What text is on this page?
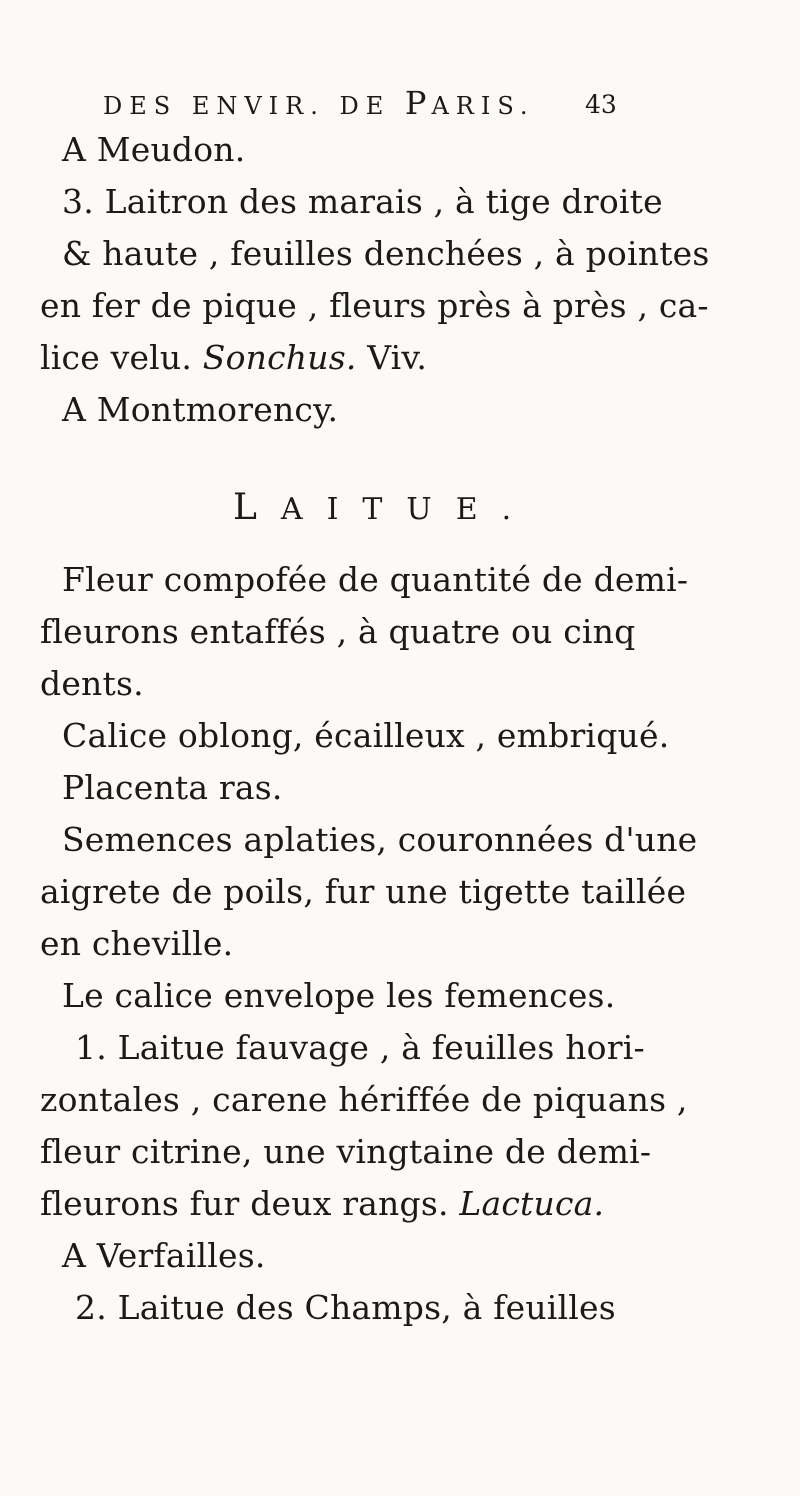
DES ENVIR. DE PARIS. 43
A Meudon.
3. Laitron des marais , à tige droite
& haute , feuilles denchées , à pointes
en fer de pique , fleurs près à près , ca-
lice velu. Sonchus. Viv.
A Montmorency.
LAITUE.
Fleur compofée de quantité de demi-
fleurons entaffés , à quatre ou cinq
dents.
Calice oblong, écailleux , embriqué.
Placenta ras.
Semences aplaties, couronnées d'une
aigrete de poils, fur une tigette taillée
en cheville.
Le calice envelope les femences.
1. Laitue fauvage , à feuilles hori-
zontales , carene hériffée de piquans ,
fleur citrine, une vingtaine de demi-
fleurons fur deux rangs. Lactuca.
A Verfailles.
2. Laitue des Champs, à feuilles
